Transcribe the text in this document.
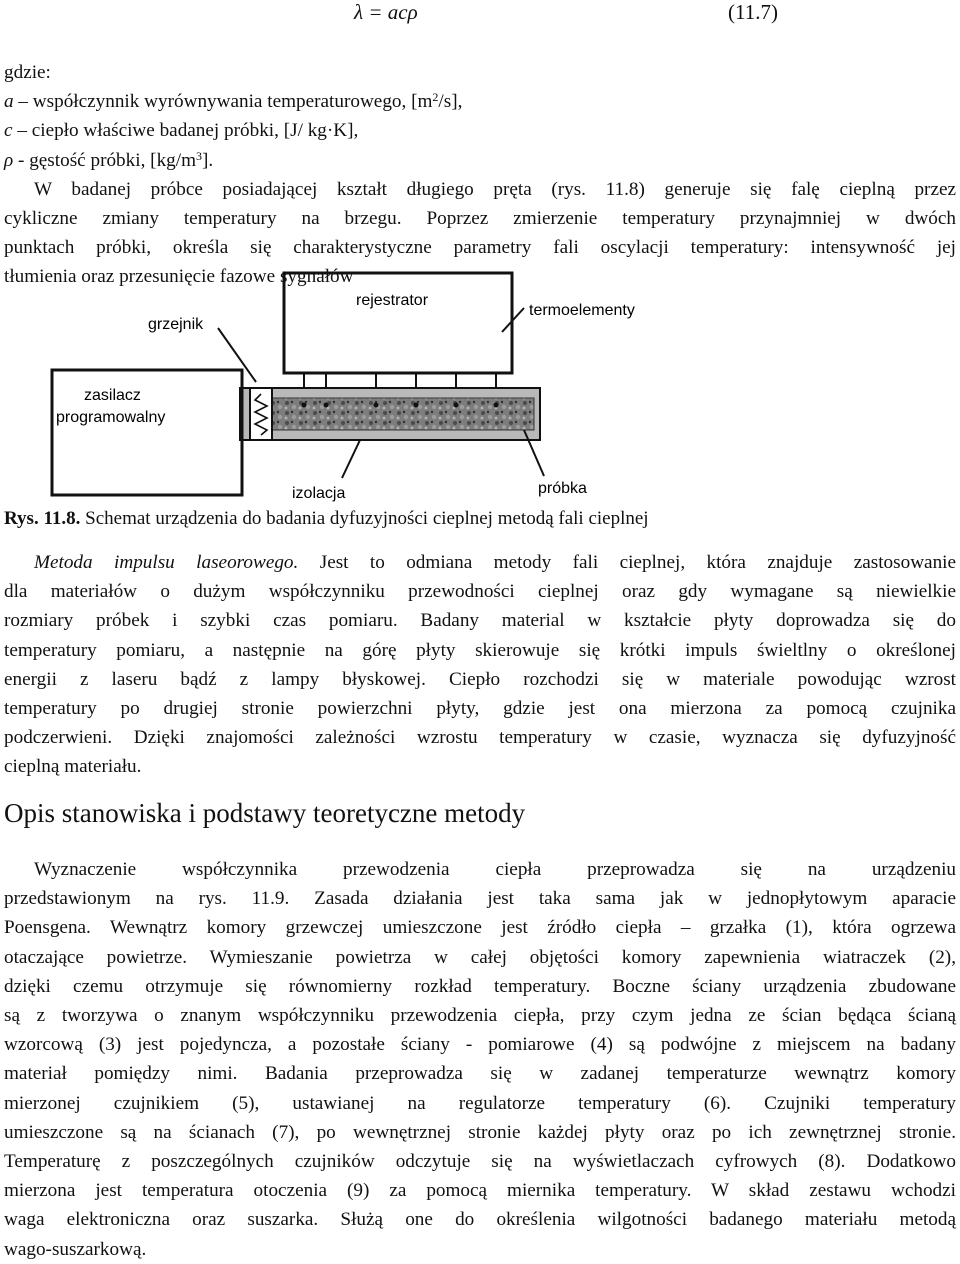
λ = acρ	(11.7)
gdzie:
a – współczynnik wyrównywania temperaturowego, $[m^2/s]$,
c – ciepło właściwe badanej próbki, [J/ kg·K],
ρ - gęstość próbki, $[kg/m^3]$.
W badanej próbce posiadającej kształt długiego pręta (rys. 11.8) generuje się falę cieplną przez
cykliczne zmiany temperatury na brzegu. Poprzez zmierzenie temperatury przynajmniej w dwóch
punktach próbki, określa się charakterystyczne parametry fali oscylacji temperatury: intensywność jej
tłumienia oraz przesunięcie fazowe sygnałów
rejestrator
zasilacz
programowalny
grzejnik
termoelementy
izolacja	próbka
Rys. 11.8. Schemat urządzenia do badania dyfuzyjności cieplnej metodą fali cieplnej
Metoda impulsu laseorowego. Jest to odmiana metody fali cieplnej, która znajduje zastosowanie
dla materiałów o dużym współczynniku przewodności cieplnej oraz gdy wymagane są niewielkie
rozmiary próbek i szybki czas pomiaru. Badany material w kształcie płyty doprowadza się do
temperatury pomiaru, a następnie na górę płyty skierowuje się krótki impuls świeltlny o określonej
energii z laseru bądź z lampy błyskowej. Ciepło rozchodzi się w materiale powodując wzrost
temperatury po drugiej stronie powierzchni płyty, gdzie jest ona mierzona za pomocą czujnika
podczerwieni. Dzięki znajomości zależności wzrostu temperatury w czasie, wyznacza się dyfuzyjność
cieplną materiału.
Opis stanowiska i podstawy teoretyczne metody
Wyznaczenie współczynnika przewodzenia ciepła przeprowadza się na urządzeniu
przedstawionym na rys. 11.9. Zasada działania jest taka sama jak w jednopłytowym aparacie
Poensgena. Wewnątrz komory grzewczej umieszczone jest źródło ciepła – grzałka (1), która ogrzewa
otaczające powietrze. Wymieszanie powietrza w całej objętości komory zapewnienia wiatraczek (2),
dzięki czemu otrzymuje się równomierny rozkład temperatury. Boczne ściany urządzenia zbudowane
są z tworzywa o znanym współczynniku przewodzenia ciepła, przy czym jedna ze ścian będąca ścianą
wzorcową (3) jest pojedyncza, a pozostałe ściany - pomiarowe (4) są podwójne z miejscem na badany
materiał pomiędzy nimi. Badania przeprowadza się w zadanej temperaturze wewnątrz komory
mierzonej czujnikiem (5), ustawianej na regulatorze temperatury (6). Czujniki temperatury
umieszczone są na ścianach (7), po wewnętrznej stronie każdej płyty oraz po ich zewnętrznej stronie.
Temperaturę z poszczególnych czujników odczytuje się na wyświetlaczach cyfrowych (8). Dodatkowo
mierzona jest temperatura otoczenia (9) za pomocą miernika temperatury. W skład zestawu wchodzi
waga elektroniczna oraz suszarka. Służą one do określenia wilgotności badanego materiału metodą
wago-suszarkową.
